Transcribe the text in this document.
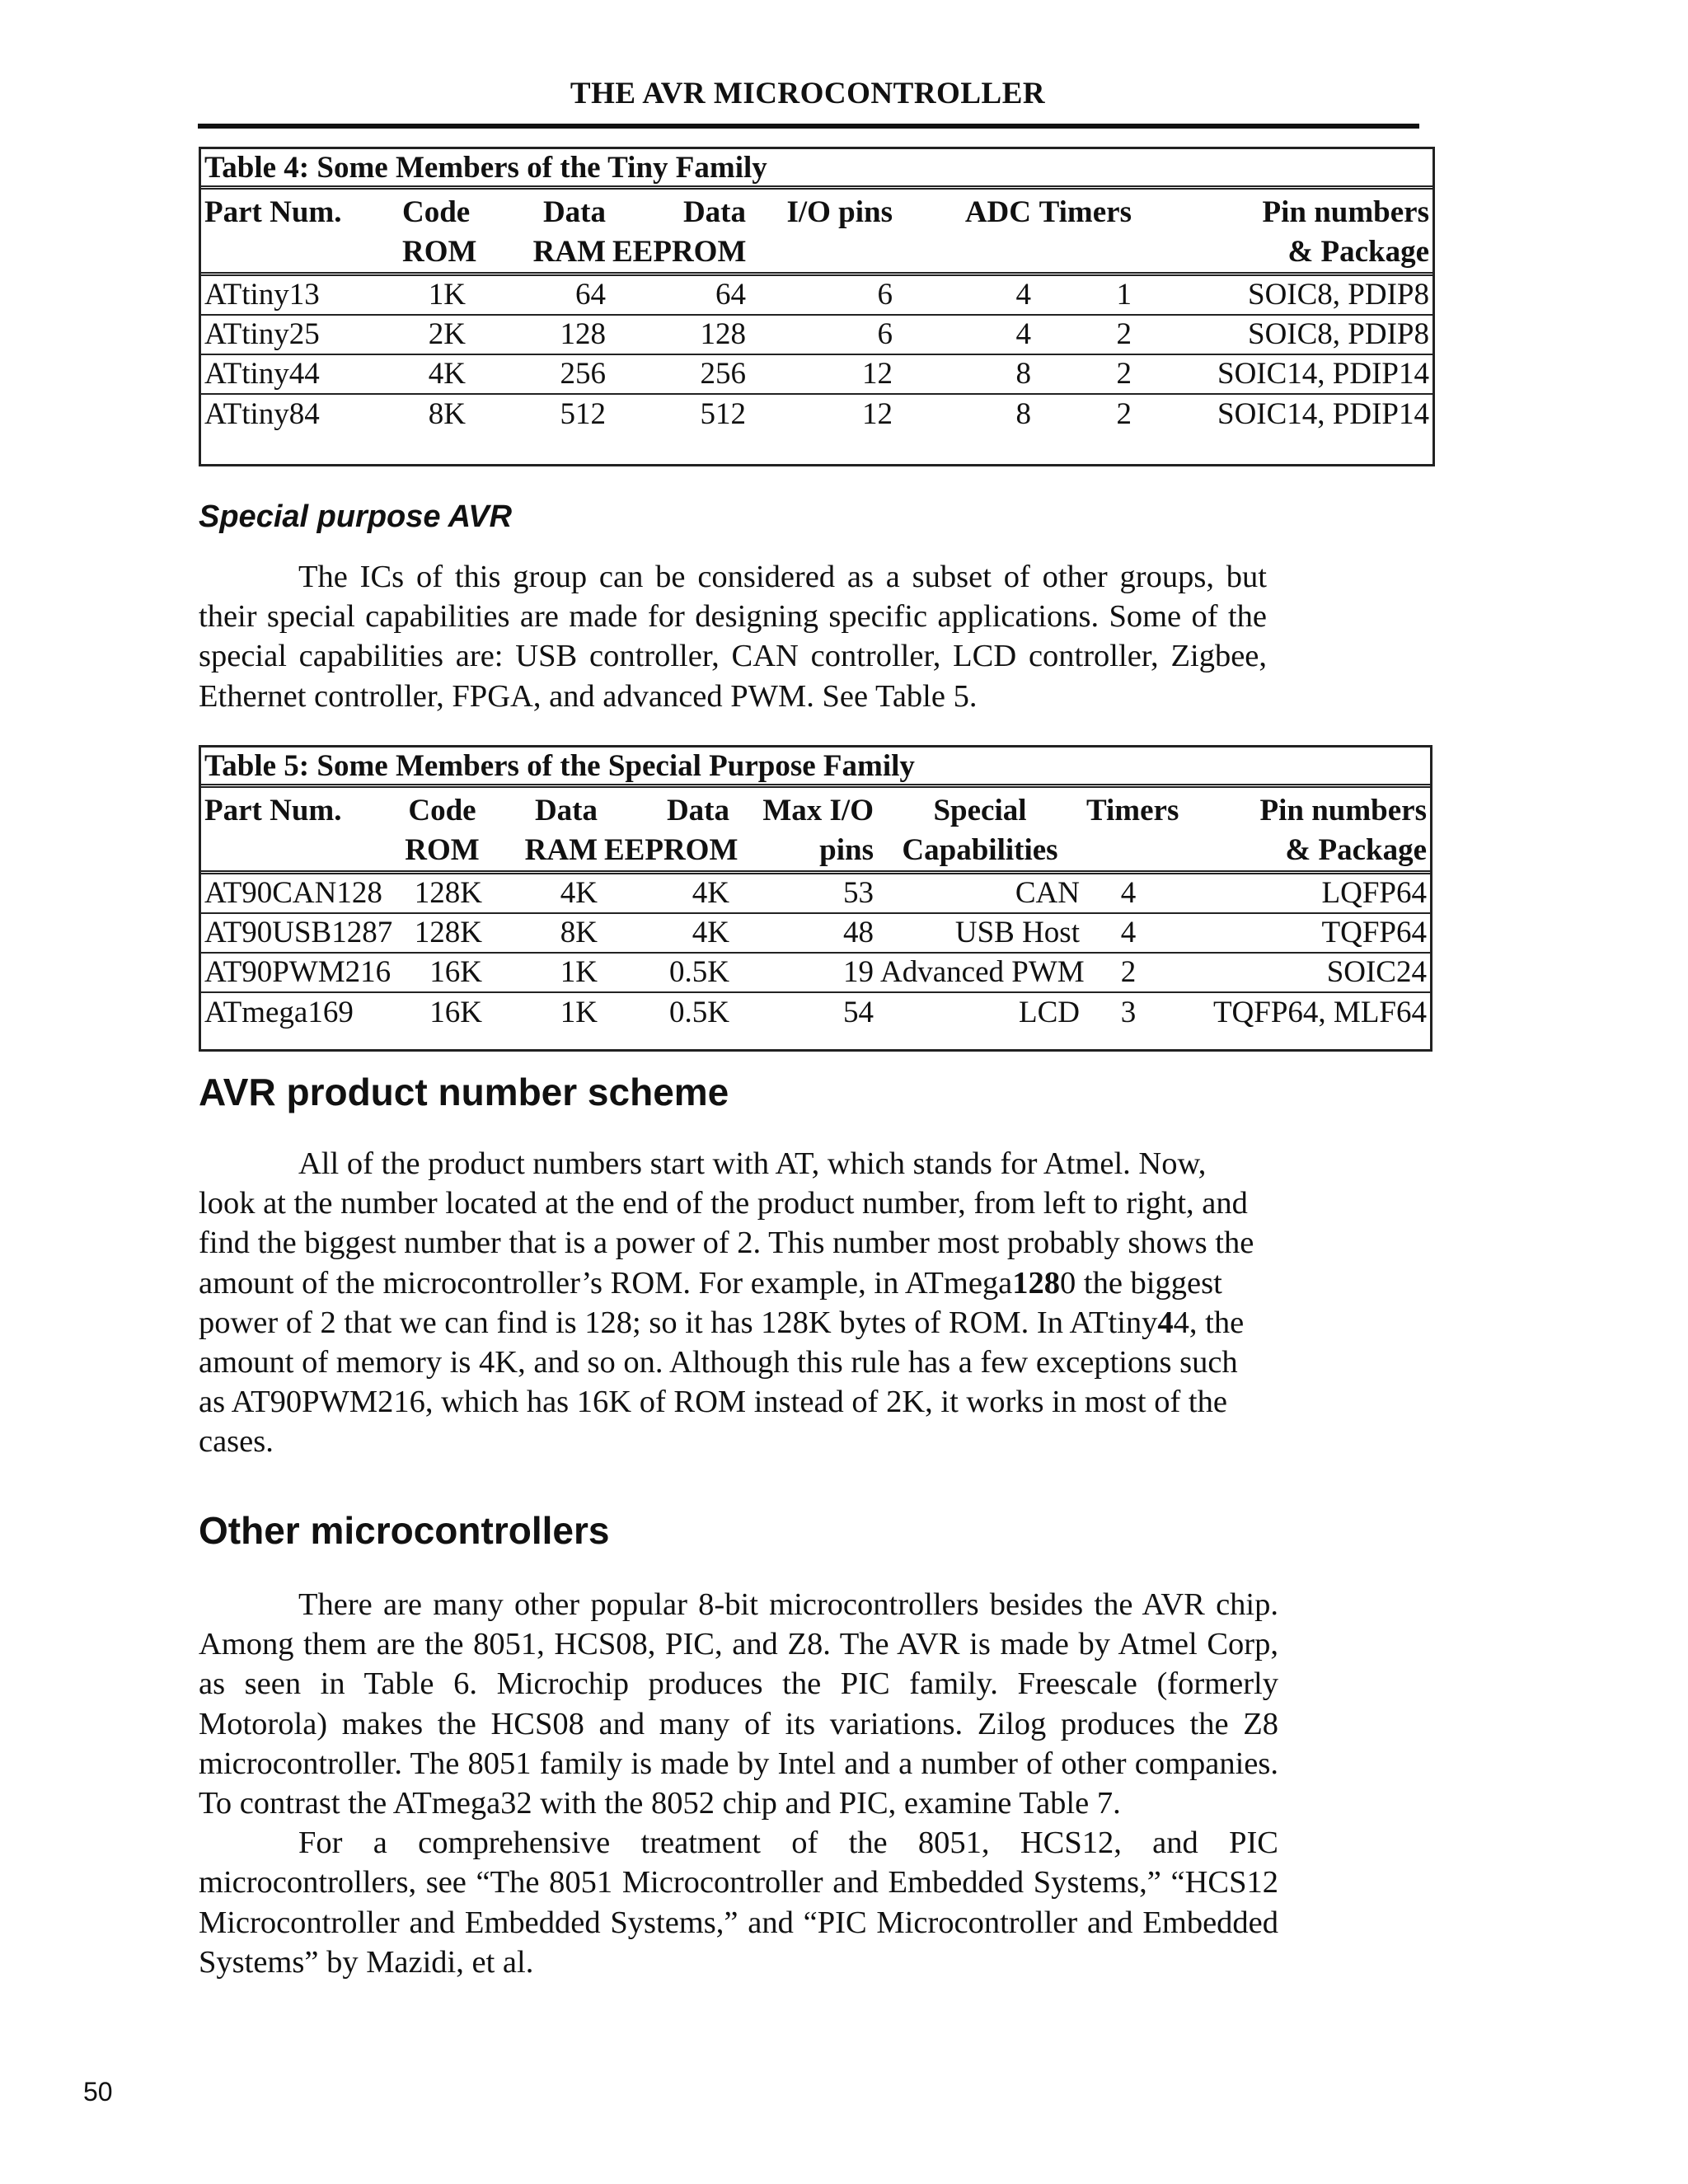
THE AVR MICROCONTROLLER
Table 4: Some Members of the Tiny Family
Part Num.	Code	Data	Data	I/O pins	ADC	Timers	Pin numbers
	ROM	RAM	EEPROM				& Package
ATtiny13	1K	64	64	6	4	1	SOIC8, PDIP8
ATtiny25	2K	128	128	6	4	2	SOIC8, PDIP8
ATtiny44	4K	256	256	12	8	2	SOIC14, PDIP14
ATtiny84	8K	512	512	12	8	2	SOIC14, PDIP14
Special purpose AVR

The ICs of this group can be considered as a subset of other groups, but their special capabilities are made for designing specific applications. Some of the special capabilities are: USB controller, CAN controller, LCD controller, Zigbee, Ethernet controller, FPGA, and advanced PWM. See Table 5.

Table 5: Some Members of the Special Purpose Family
Part Num.	Code	Data	Data	Max I/O	Special	Timers	Pin numbers
	ROM	RAM	EEPROM	pins	Capabilities		& Package
AT90CAN128	128K	4K	4K	53	CAN	4	LQFP64
AT90USB1287	128K	8K	4K	48	USB Host	4	TQFP64
AT90PWM216	16K	1K	0.5K	19	Advanced PWM	2	SOIC24
ATmega169	16K	1K	0.5K	54	LCD	3	TQFP64, MLF64
AVR product number scheme

All of the product numbers start with AT, which stands for Atmel. Now, look at the number located at the end of the product number, from left to right, and find the biggest number that is a power of 2. This number most probably shows the amount of the microcontroller’s ROM. For example, in ATmega1280 the biggest power of 2 that we can find is 128; so it has 128K bytes of ROM. In ATtiny44, the amount of memory is 4K, and so on. Although this rule has a few exceptions such as AT90PWM216, which has 16K of ROM instead of 2K, it works in most of the cases.

Other microcontrollers

There are many other popular 8-bit microcontrollers besides the AVR chip. Among them are the 8051, HCS08, PIC, and Z8. The AVR is made by Atmel Corp, as seen in Table 6. Microchip produces the PIC family. Freescale (formerly Motorola) makes the HCS08 and many of its variations. Zilog produces the Z8 microcontroller. The 8051 family is made by Intel and a number of other companies. To contrast the ATmega32 with the 8052 chip and PIC, examine Table 7.

For a comprehensive treatment of the 8051, HCS12, and PIC microcontrollers, see “The 8051 Microcontroller and Embedded Systems,” “HCS12 Microcontroller and Embedded Systems,” and “PIC Microcontroller and Embedded Systems” by Mazidi, et al.

50
